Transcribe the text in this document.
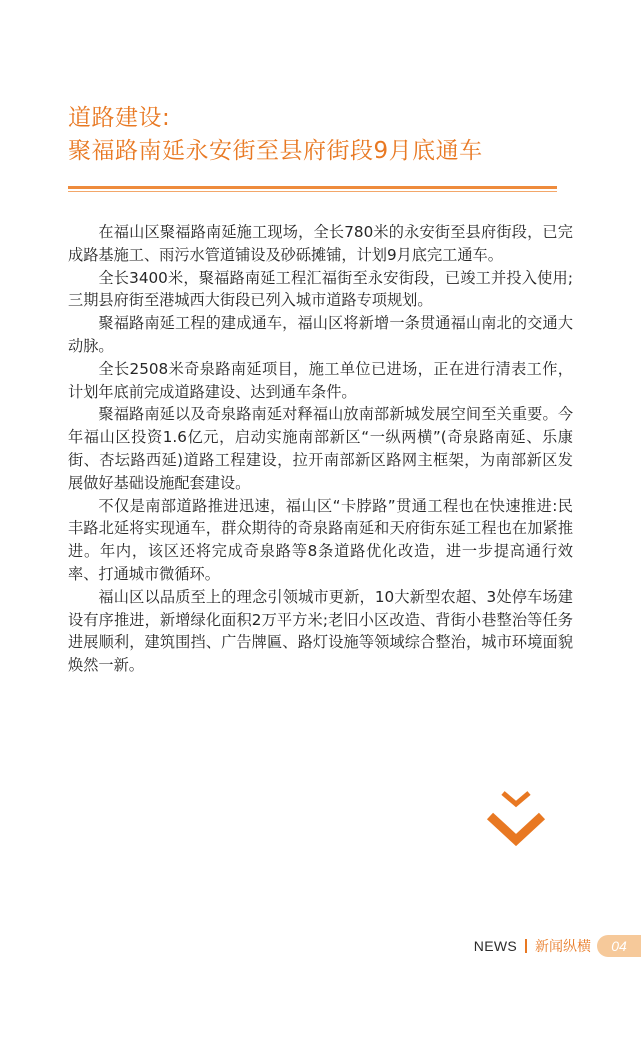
道路建设:
聚福路南延永安街至县府街段9月底通车

在福山区聚福路南延施工现场，全长780米的永安街至县府街段，已完成路基施工、雨污水管道铺设及砂砾摊铺，计划9月底完工通车。

全长3400米，聚福路南延工程汇福街至永安街段，已竣工并投入使用;三期县府街至港城西大街段已列入城市道路专项规划。

聚福路南延工程的建成通车，福山区将新增一条贯通福山南北的交通大动脉。

全长2508米奇泉路南延项目，施工单位已进场，正在进行清表工作，计划年底前完成道路建设、达到通车条件。

聚福路南延以及奇泉路南延对释福山放南部新城发展空间至关重要。今年福山区投资1.6亿元，启动实施南部新区“一纵两横”(奇泉路南延、乐康街、杏坛路西延)道路工程建设，拉开南部新区路网主框架，为南部新区发展做好基础设施配套建设。

不仅是南部道路推进迅速，福山区“卡脖路”贯通工程也在快速推进:民丰路北延将实现通车，群众期待的奇泉路南延和天府街东延工程也在加紧推进。年内，该区还将完成奇泉路等8条道路优化改造，进一步提高通行效率、打通城市微循环。

福山区以品质至上的理念引领城市更新，10大新型农超、3处停车场建设有序推进，新增绿化面积2万平方米;老旧小区改造、背街小巷整治等任务进展顺利，建筑围挡、广告牌匾、路灯设施等领域综合整治，城市环境面貌焕然一新。

NEWS 新闻纵横	04
